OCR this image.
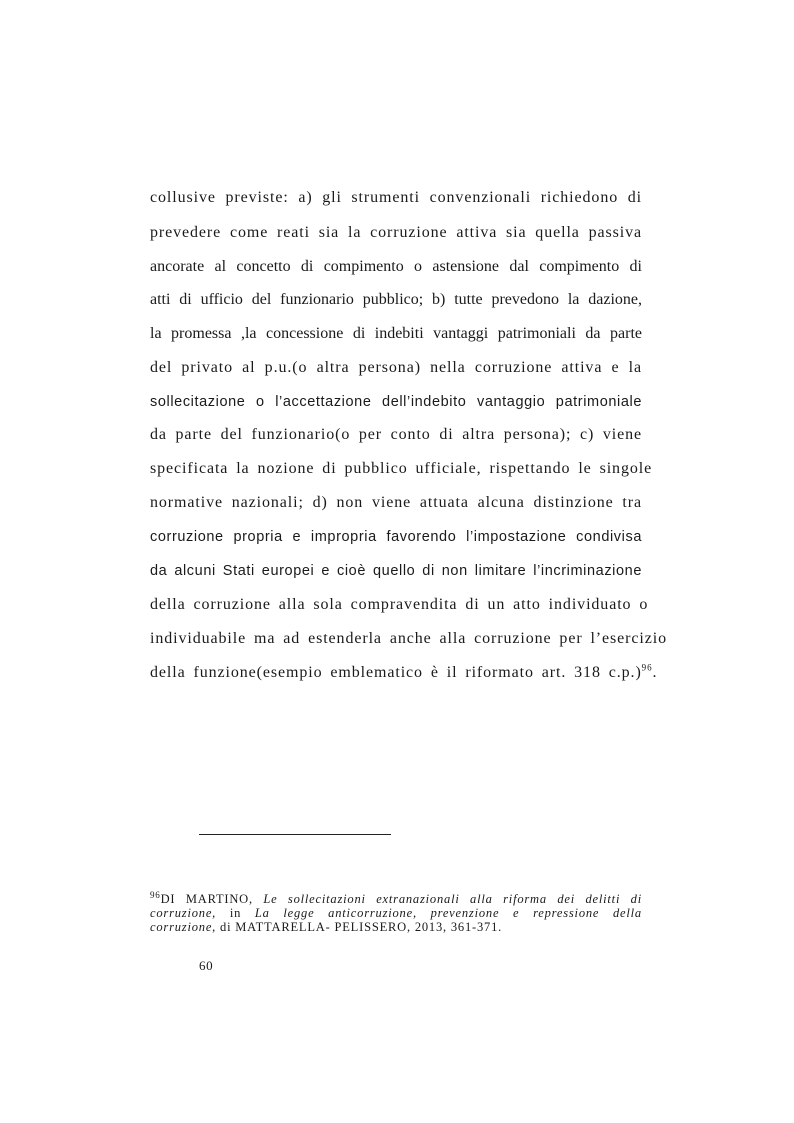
collusive previste: a) gli strumenti convenzionali richiedono di
prevedere come reati sia la corruzione attiva sia quella passiva
ancorate al concetto di compimento o astensione dal compimento di
atti di ufficio del funzionario pubblico; b) tutte prevedono la dazione,
la promessa ,la concessione di indebiti vantaggi patrimoniali da parte
del privato al p.u.(o altra persona) nella corruzione attiva e la
sollecitazione o l’accettazione dell’indebito vantaggio patrimoniale
da parte del funzionario(o per conto di altra persona); c) viene
specificata la nozione di pubblico ufficiale, rispettando le singole
normative nazionali; d) non viene attuata alcuna distinzione tra
corruzione propria e impropria favorendo l’impostazione condivisa
da alcuni Stati europei e cioè quello di non limitare l’incriminazione
della corruzione alla sola compravendita di un atto individuato o
individuabile ma ad estenderla anche alla corruzione per l’esercizio
della funzione(esempio emblematico è il riformato art. 318 c.p.)$^{96}$.
$^{96}$DI MARTINO, Le sollecitazioni extranazionali alla riforma dei delitti di
corruzione, in La legge anticorruzione, prevenzione e repressione della
corruzione, di MATTARELLA- PELISSERO, 2013, 361-371.
60
